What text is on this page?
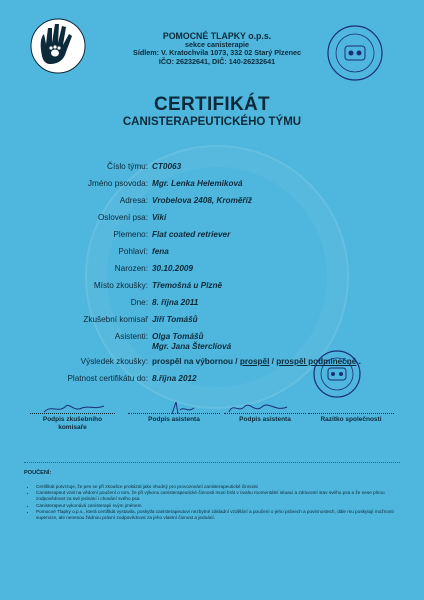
POMOCNÉ TLAPKY o.p.s.
sekce canisterapie
Sídlem: V. Kratochvila 1073, 332 02 Starý Plzenec
IČO: 26232641, DIČ: 140-26232641
CERTIFIKÁT
CANISTERAPEUTICKÉHO TÝMU
Číslo týmu: CT0063
Jméno psovoda: Mgr. Lenka Helemiková
Adresa: Vrobelova 2408, Kroměříž
Oslovení psa: Viki
Plemeno: Flat coated retriever
Pohlaví: fena
Narozen: 30.10.2009
Místo zkoušky: Třemošná u Plzně
Dne: 8. října 2011
Zkušební komisař Jiří Tomášů
Asistenti: Olga Tomášů
Mgr. Jana Šterclíová
Výsledek zkoušky: prospěl na výbornou / prospěl / prospěl podmínečně..
Platnost certifikátu do: 8.října 2012
Podpis zkušebního komisaře
Podpis asistenta	Podpis asistenta	Razítko společnosti
POUČENÍ:
• Certifikát potvrzuje, že pes se při zkoušce prokázal jako vhodný pro provozování canisterapeutické činnosti
• Canisterapeut vzal na vědomí poučení o tom, že při výkonu canisterapeutické činnosti musí brát v úvahu momentální situaci a zdravotní stav svého psa a že nese plnou zodpovědnost za své jednání i chování svého psa
• Canisterapeut vykonává canisterapii svým jménem
• Pomocné Tlapky o.p.s., která certifikát vystavila, poskytla canisterapeutovi nezbytné základní vzdělání a poučení o jeho právech a povinnostech, dále mu poskytují možnosti supervize, ale nenesou žádnou právní zodpovědnost za jeho vlastní činnost a jednání.
